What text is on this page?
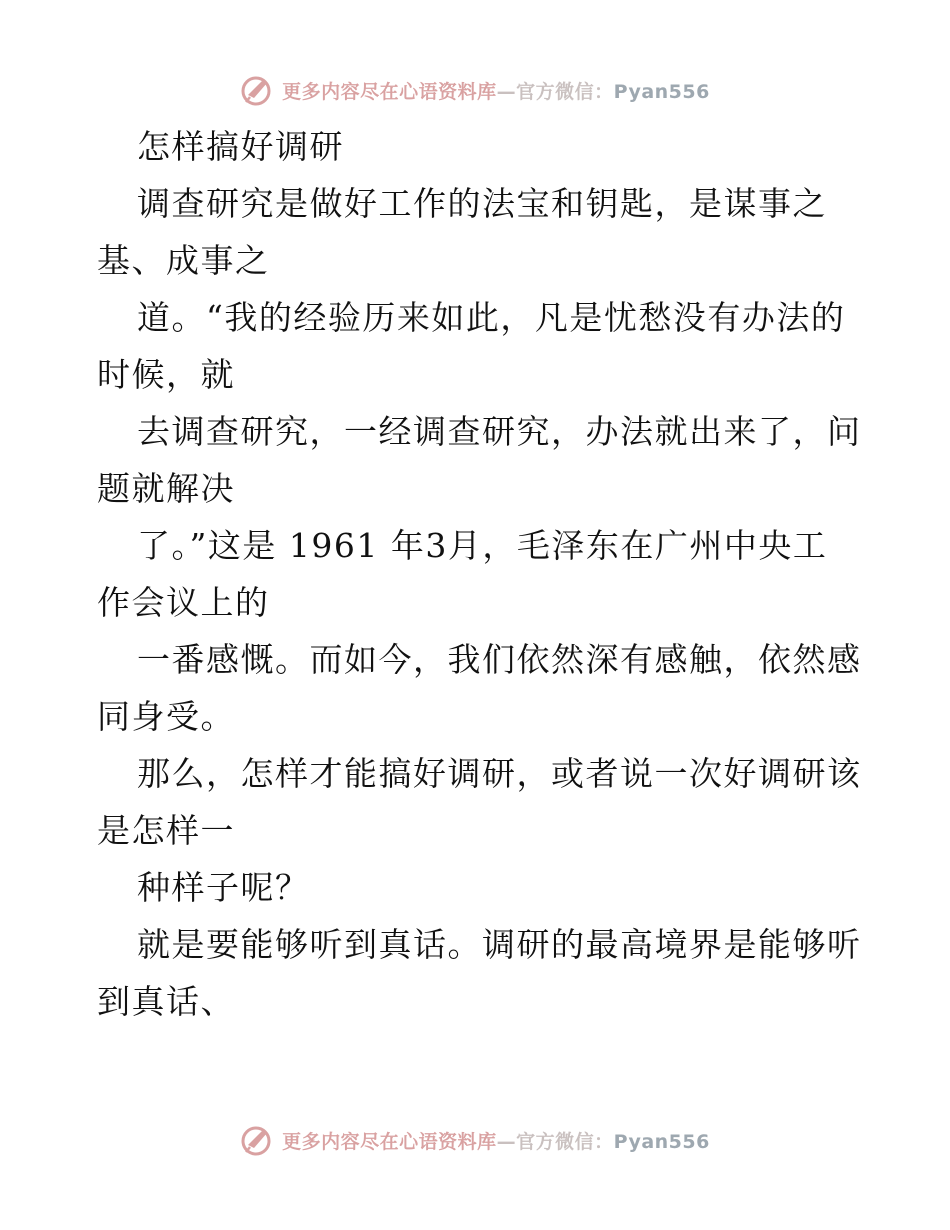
更多内容尽在心语资料库—官方微信：Pyan556
怎样搞好调研
调查研究是做好工作的法宝和钥匙，是谋事之
基、成事之
道。“我的经验历来如此，凡是忧愁没有办法的
时候，就
去调查研究，一经调查研究，办法就出来了，问
题就解决
了。”这是 1961 年3月，毛泽东在广州中央工
作会议上的
一番感慨。而如今，我们依然深有感触，依然感
同身受。
那么，怎样才能搞好调研，或者说一次好调研该
是怎样一
种样子呢？
就是要能够听到真话。调研的最高境界是能够听
到真话、
更多内容尽在心语资料库—官方微信：Pyan556
